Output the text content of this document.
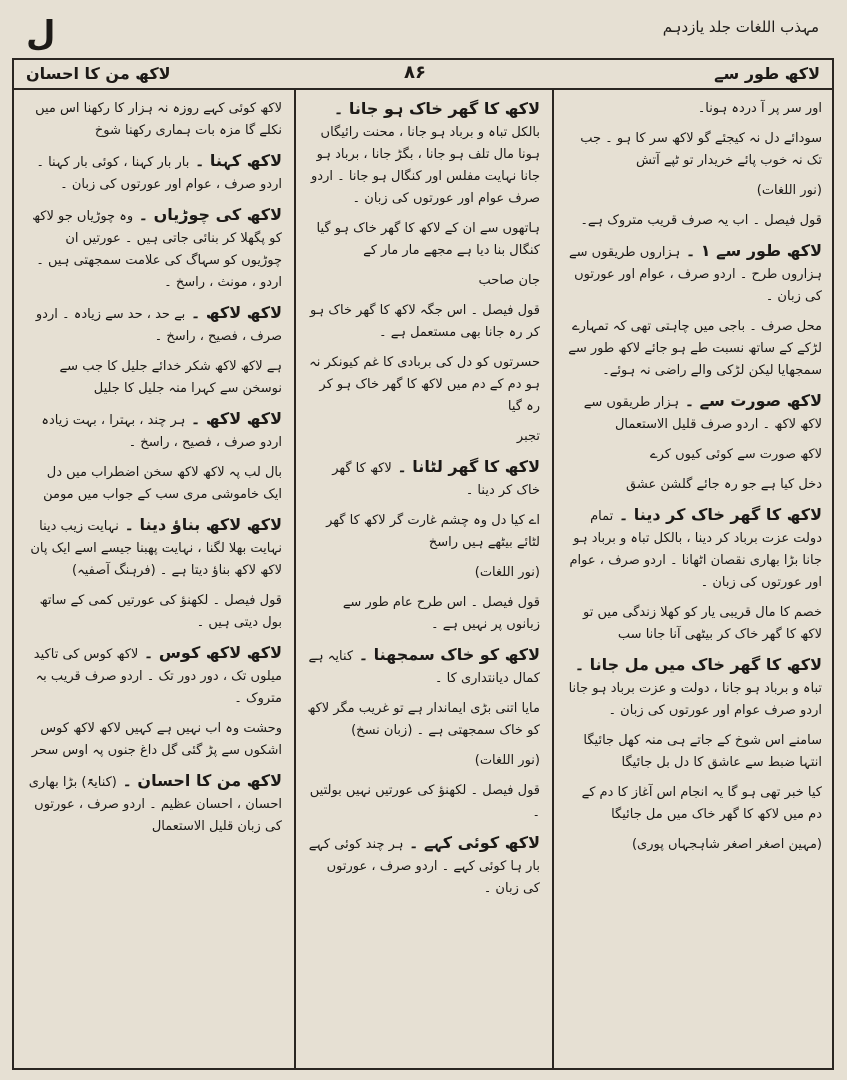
ل	مہذب اللغات جلد یازدہم
لاکھ من کا احسان	۸۶	لاکھ طور سے

اور سر پر آ دردہ ہونا۔

سودائے دل نہ کیجئے گو لاکھ سر کا ہو ۔ جب تک نہ خوب پائے خریدار تو ٹپے آتش

(نور اللغات)

قول فیصل ۔ اب یہ صرف قریب متروک ہے۔

لاکھ طور سے ۱ ۔ ہزاروں طریقوں سے ہزاروں طرح ۔ اردو صرف ، عوام اور عورتوں کی زبان ۔

محل صرف ۔ باجی میں چاہتی تھی کہ تمہارے لڑکے کے ساتھ نسبت طے ہو جائے لاکھ طور سے سمجھایا لیکن لڑکی والے راضی نہ ہوئے۔

لاکھ صورت سے ۔ ہزار طریقوں سے لاکھ لاکھ ۔ اردو صرف قلیل الاستعمال

لاکھ صورت سے کوئی کیوں کرے

دخل کیا ہے جو رہ جائے گلشن عشق

لاکھ کا گھر خاک کر دینا ۔ تمام دولت عزت برباد کر دینا ، بالکل تباہ و برباد ہو جانا بڑا بھاری نقصان اٹھانا ۔ اردو صرف ، عوام اور عورتوں کی زبان ۔

خصم کا مال قریبی یار کو کھلا زندگی میں تو لاکھ کا گھر خاک کر بیٹھی آنا جانا سب

لاکھ کا گھر خاک میں مل جانا ۔ تباہ و برباد ہو جانا ، دولت و عزت برباد ہو جانا اردو صرف عوام اور عورتوں کی زبان ۔

سامنے اس شوخ کے جاتے ہی منہ کھل جائیگا انتہا ضبط سے عاشق کا دل بل جائیگا

کیا خبر تھی ہو گا یہ انجام اس آغاز کا دم کے دم میں لاکھ کا گھر خاک میں مل جائیگا

(مہین اصغر اصغر شاہجہاں پوری)

لاکھ کا گھر خاک ہو جانا ۔ بالکل تباہ و برباد ہو جانا ، محنت رائیگاں ہونا مال تلف ہو جانا ، بگڑ جانا ، برباد ہو جانا نہایت مفلس اور کنگال ہو جانا ۔ اردو صرف عوام اور عورتوں کی زبان ۔

ہاتھوں سے ان کے لاکھ کا گھر خاک ہو گیا کنگال بنا دیا ہے مجھے مار مار کے

جان صاحب

قول فیصل ۔ اس جگہ لاکھ کا گھر خاک ہو کر رہ جانا بھی مستعمل ہے ۔

حسرتوں کو دل کی بربادی کا غم کیونکر نہ ہو دم کے دم میں لاکھ کا گھر خاک ہو کر رہ گیا

تجبر

لاکھ کا گھر لٹانا ۔ لاکھ کا گھر خاک کر دینا ۔

اے کیا دل وہ چشم غارت گر لاکھ کا گھر لٹائے بیٹھے ہیں راسخ

(نور اللغات)

قول فیصل ۔ اس طرح عام طور سے زبانوں پر نہیں ہے ۔

لاکھ کو خاک سمجھنا ۔ کنایہ ہے کمال دیانتداری کا ۔

مایا اتنی بڑی ایماندار ہے تو غریب مگر لاکھ کو خاک سمجھتی ہے ۔ (زبان نسخ)

(نور اللغات)

قول فیصل ۔ لکھنؤ کی عورتیں نہیں بولتیں ۔

لاکھ کوئی کہے ۔ ہر چند کوئی کہے بار ہا کوئی کہے ۔ اردو صرف ، عورتوں کی زبان ۔

لاکھ کوئی کہے روزہ نہ ہزار کا رکھنا اس میں نکلے گا مزہ بات ہماری رکھنا شوخ

لاکھ کہنا ۔ بار بار کہنا ، کوئی بار کہنا ۔ اردو صرف ، عوام اور عورتوں کی زبان ۔

لاکھ کی چوڑیاں ۔ وہ چوڑیاں جو لاکھ کو پگھلا کر بنائی جاتی ہیں ۔ عورتیں ان چوڑیوں کو سہاگ کی علامت سمجھتی ہیں ۔ اردو ، مونث ، راسخ ۔

لاکھ لاکھ ۔ بے حد ، حد سے زیادہ ۔ اردو صرف ، فصیح ، راسخ ۔

ہے لاکھ لاکھ شکر خدائے جلیل کا جب سے نوسخن سے کہرا منہ جلیل کا جلیل

لاکھ لاکھ ۔ ہر چند ، بہترا ، بہت زیادہ اردو صرف ، فصیح ، راسخ ۔

بال لب پہ لاکھ لاکھ سخن اضطراب میں دل ایک خاموشی مری سب کے جواب میں مومن

لاکھ لاکھ بناؤ دینا ۔ نہایت زیب دینا نہایت بھلا لگنا ، نہایت پھبنا جیسے اسے ایک پان لاکھ لاکھ بناؤ دیتا ہے ۔ (فرہنگ آصفیہ)

قول فیصل ۔ لکھنؤ کی عورتیں کمی کے ساتھ بول دیتی ہیں ۔

لاکھ لاکھ کوس ۔ لاکھ کوس کی تاکید میلوں تک ، دور دور تک ۔ اردو صرف قریب بہ متروک ۔

وحشت وہ اب نہیں ہے کہیں لاکھ لاکھ کوس اشکوں سے پڑ گئی گل داغ جنوں پہ اوس سحر

لاکھ من کا احسان ۔ (کنایۃً) بڑا بھاری احسان ، احسان عظیم ۔ اردو صرف ، عورتوں کی زبان قلیل الاستعمال
